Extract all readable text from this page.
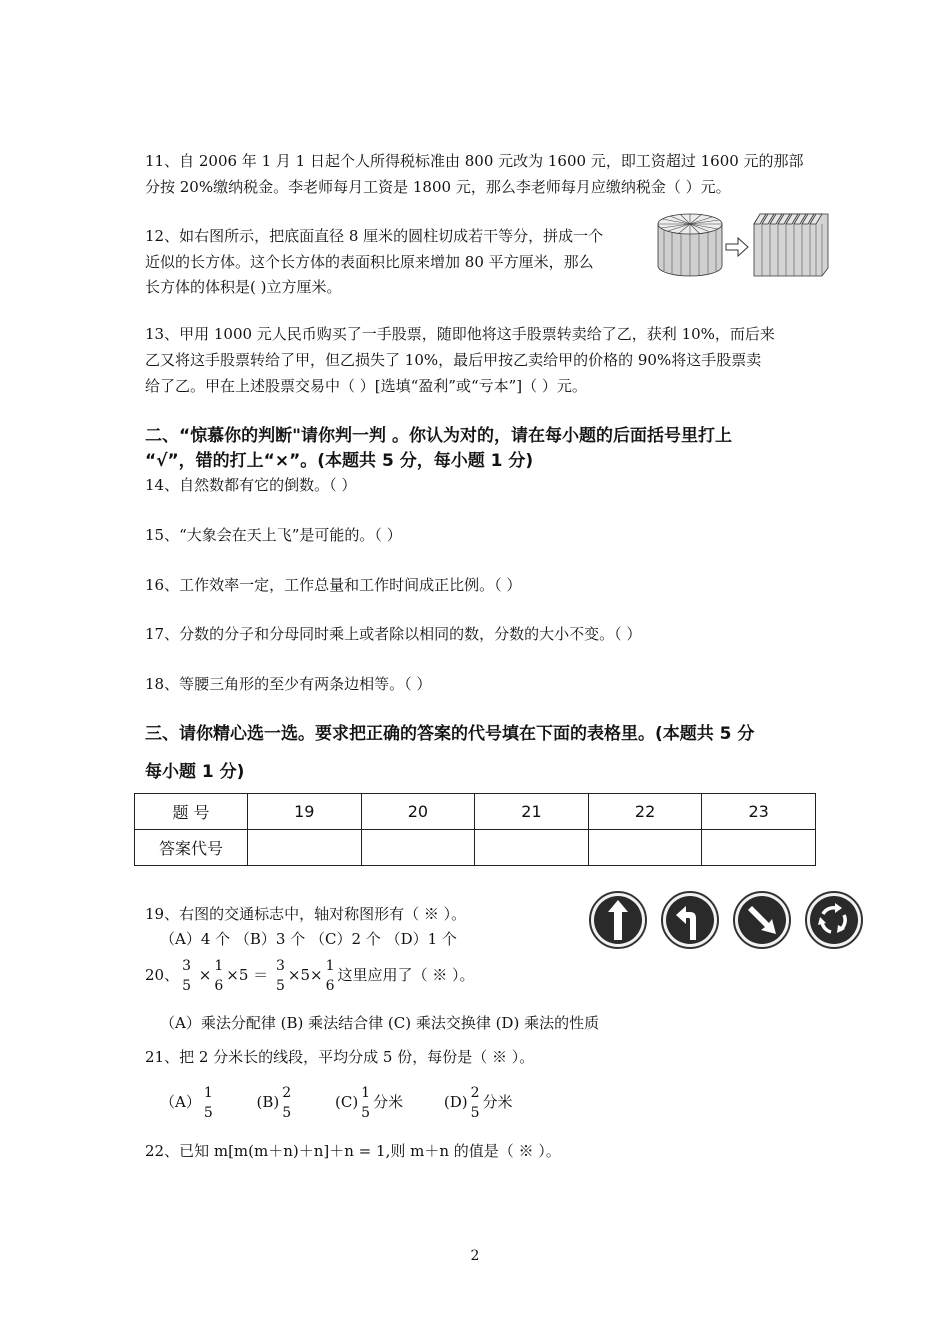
11、自 2006 年 1 月 1 日起个人所得税标准由 800 元改为 1600 元，即工资超过 1600 元的那部

分按 20%缴纳税金。李老师每月工资是 1800 元，那么李老师每月应缴纳税金（ ）元。

12、如右图所示，把底面直径 8 厘米的圆柱切成若干等分，拼成一个

近似的长方体。这个长方体的表面积比原来增加 80 平方厘米，那么

长方体的体积是( )立方厘米。

13、甲用 1000 元人民币购买了一手股票，随即他将这手股票转卖给了乙，获利 10%，而后来

乙又将这手股票转给了甲，但乙损失了 10%，最后甲按乙卖给甲的价格的 90%将这手股票卖

给了乙。甲在上述股票交易中（ ）[选填“盈利”或“亏本”]（ ）元。

二、“惊慕你的判断"请你判一判 。你认为对的，请在每小题的后面括号里打上

“√”，错的打上“×”。(本题共 5 分，每小题 1 分)

14、自然数都有它的倒数。（ ）

15、“大象会在天上飞”是可能的。（ ）

16、工作效率一定，工作总量和工作时间成正比例。（ ）

17、分数的分子和分母同时乘上或者除以相同的数，分数的大小不变。（ ）

18、等腰三角形的至少有两条边相等。（ ）

三、请你精心选一选。要求把正确的答案的代号填在下面的表格里。(本题共 5 分

每小题 1 分)

题 号	19	20	21	22	23
答案代号					

19、右图的交通标志中，轴对称图形有（ ※ ）。

（A）4 个 （B）3 个 （C）2 个 （D）1 个

20、 3
5
× 1
6
×5 ＝ 3
5
×5× 1
6
这里应用了（ ※ ）。

（A）乘法分配律 (B) 乘法结合律 (C) 乘法交换律 (D) 乘法的性质

21、把 2 分米长的线段，平均分成 5 份，每份是（ ※ ）。

（A） 1
5
(B) 2
5
(C) 1
5
分米	(D) 2
5
分米

22、已知 m[m(m＋n)＋n]＋n = 1,则 m＋n 的值是（ ※ ）。

2
